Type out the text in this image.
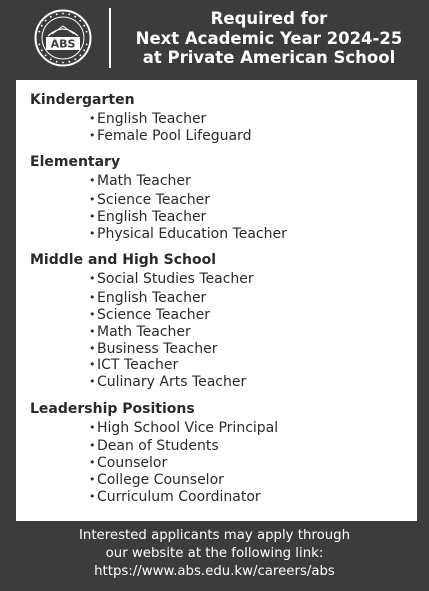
ABS
Required for
Next Academic Year 2024-25
at Private American School
Kindergarten
• English Teacher
• Female Pool Lifeguard
Elementary
• Math Teacher
• Science Teacher
• English Teacher
• Physical Education Teacher
Middle and High School
• Social Studies Teacher
• English Teacher
• Science Teacher
• Math Teacher
• Business Teacher
• ICT Teacher
• Culinary Arts Teacher
Leadership Positions
• High School Vice Principal
• Dean of Students
• Counselor
• College Counselor
• Curriculum Coordinator
Interested applicants may apply through
our website at the following link:
https://www.abs.edu.kw/careers/abs
